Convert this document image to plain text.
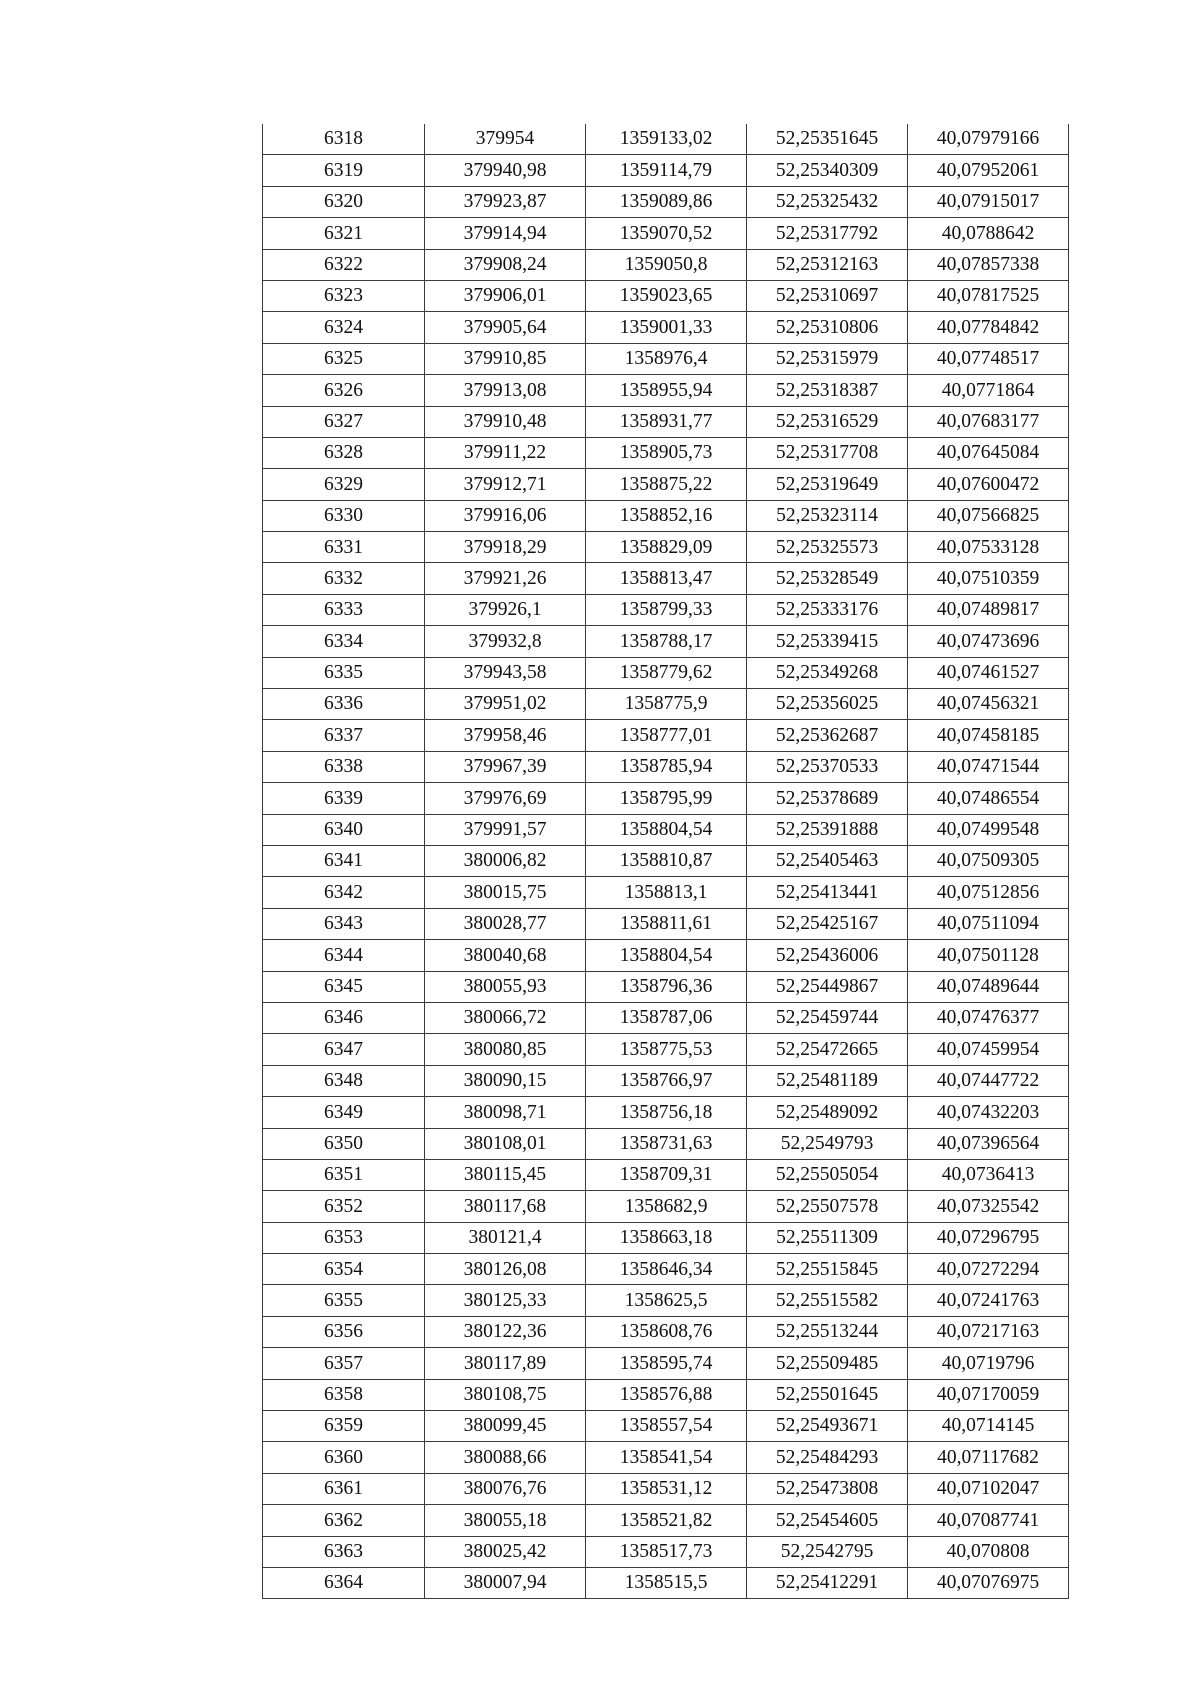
6318	379954	1359133,02	52,25351645	40,07979166
6319	379940,98	1359114,79	52,25340309	40,07952061
6320	379923,87	1359089,86	52,25325432	40,07915017
6321	379914,94	1359070,52	52,25317792	40,0788642
6322	379908,24	1359050,8	52,25312163	40,07857338
6323	379906,01	1359023,65	52,25310697	40,07817525
6324	379905,64	1359001,33	52,25310806	40,07784842
6325	379910,85	1358976,4	52,25315979	40,07748517
6326	379913,08	1358955,94	52,25318387	40,0771864
6327	379910,48	1358931,77	52,25316529	40,07683177
6328	379911,22	1358905,73	52,25317708	40,07645084
6329	379912,71	1358875,22	52,25319649	40,07600472
6330	379916,06	1358852,16	52,25323114	40,07566825
6331	379918,29	1358829,09	52,25325573	40,07533128
6332	379921,26	1358813,47	52,25328549	40,07510359
6333	379926,1	1358799,33	52,25333176	40,07489817
6334	379932,8	1358788,17	52,25339415	40,07473696
6335	379943,58	1358779,62	52,25349268	40,07461527
6336	379951,02	1358775,9	52,25356025	40,07456321
6337	379958,46	1358777,01	52,25362687	40,07458185
6338	379967,39	1358785,94	52,25370533	40,07471544
6339	379976,69	1358795,99	52,25378689	40,07486554
6340	379991,57	1358804,54	52,25391888	40,07499548
6341	380006,82	1358810,87	52,25405463	40,07509305
6342	380015,75	1358813,1	52,25413441	40,07512856
6343	380028,77	1358811,61	52,25425167	40,07511094
6344	380040,68	1358804,54	52,25436006	40,07501128
6345	380055,93	1358796,36	52,25449867	40,07489644
6346	380066,72	1358787,06	52,25459744	40,07476377
6347	380080,85	1358775,53	52,25472665	40,07459954
6348	380090,15	1358766,97	52,25481189	40,07447722
6349	380098,71	1358756,18	52,25489092	40,07432203
6350	380108,01	1358731,63	52,2549793	40,07396564
6351	380115,45	1358709,31	52,25505054	40,0736413
6352	380117,68	1358682,9	52,25507578	40,07325542
6353	380121,4	1358663,18	52,25511309	40,07296795
6354	380126,08	1358646,34	52,25515845	40,07272294
6355	380125,33	1358625,5	52,25515582	40,07241763
6356	380122,36	1358608,76	52,25513244	40,07217163
6357	380117,89	1358595,74	52,25509485	40,0719796
6358	380108,75	1358576,88	52,25501645	40,07170059
6359	380099,45	1358557,54	52,25493671	40,0714145
6360	380088,66	1358541,54	52,25484293	40,07117682
6361	380076,76	1358531,12	52,25473808	40,07102047
6362	380055,18	1358521,82	52,25454605	40,07087741
6363	380025,42	1358517,73	52,2542795	40,070808
6364	380007,94	1358515,5	52,25412291	40,07076975
